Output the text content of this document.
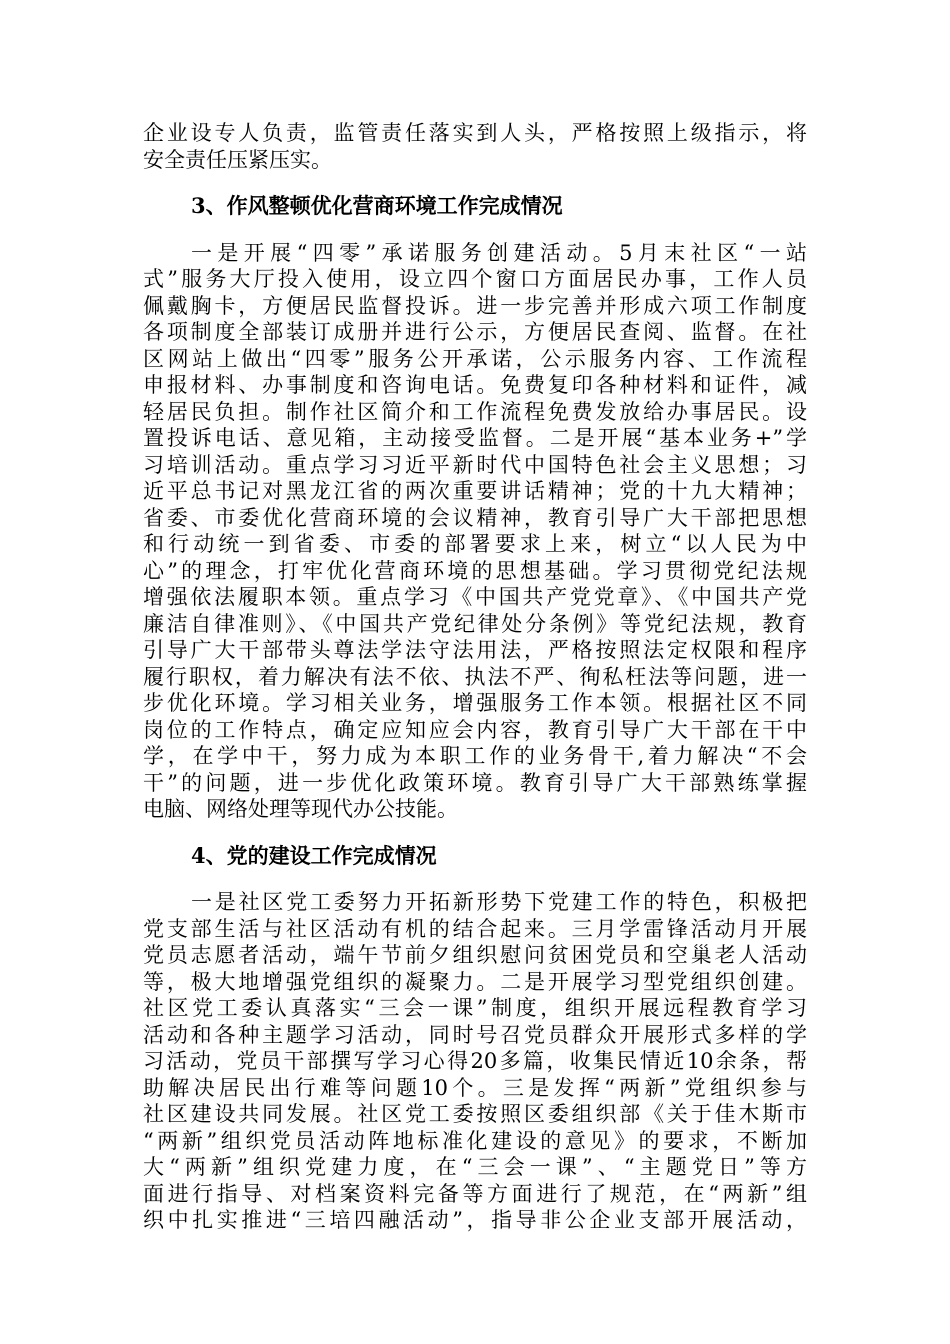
企业设专人负责，监管责任落实到人头，严格按照上级指示，将
安全责任压紧压实。
3、作风整顿优化营商环境工作完成情况
一是开展“四零”承诺服务创建活动。5月末社区“一站
式”服务大厅投入使用，设立四个窗口方面居民办事，工作人员
佩戴胸卡，方便居民监督投诉。进一步完善并形成六项工作制度
各项制度全部装订成册并进行公示，方便居民查阅、监督。在社
区网站上做出“四零”服务公开承诺，公示服务内容、工作流程
申报材料、办事制度和咨询电话。免费复印各种材料和证件，减
轻居民负担。制作社区简介和工作流程免费发放给办事居民。设
置投诉电话、意见箱，主动接受监督。二是开展“基本业务+”学
习培训活动。重点学习习近平新时代中国特色社会主义思想；习
近平总书记对黑龙江省的两次重要讲话精神；党的十九大精神；
省委、市委优化营商环境的会议精神，教育引导广大干部把思想
和行动统一到省委、市委的部署要求上来，树立“以人民为中
心”的理念，打牢优化营商环境的思想基础。学习贯彻党纪法规
增强依法履职本领。重点学习《中国共产党党章》、《中国共产党
廉洁自律准则》、《中国共产党纪律处分条例》等党纪法规，教育
引导广大干部带头尊法学法守法用法，严格按照法定权限和程序
履行职权，着力解决有法不依、执法不严、徇私枉法等问题，进一
步优化环境。学习相关业务，增强服务工作本领。根据社区不同
岗位的工作特点，确定应知应会内容，教育引导广大干部在干中
学，在学中干，努力成为本职工作的业务骨干,着力解决“不会
干”的问题，进一步优化政策环境。教育引导广大干部熟练掌握
电脑、网络处理等现代办公技能。
4、党的建设工作完成情况
一是社区党工委努力开拓新形势下党建工作的特色，积极把
党支部生活与社区活动有机的结合起来。三月学雷锋活动月开展
党员志愿者活动，端午节前夕组织慰问贫困党员和空巢老人活动
等，极大地增强党组织的凝聚力。二是开展学习型党组织创建。
社区党工委认真落实“三会一课”制度，组织开展远程教育学习
活动和各种主题学习活动，同时号召党员群众开展形式多样的学
习活动，党员干部撰写学习心得20多篇，收集民情近10余条，帮
助解决居民出行难等问题10个。三是发挥“两新”党组织参与
社区建设共同发展。社区党工委按照区委组织部《关于佳木斯市
“两新”组织党员活动阵地标准化建设的意见》的要求，不断加
大“两新”组织党建力度，在“三会一课”、“主题党日”等方
面进行指导、对档案资料完备等方面进行了规范，在“两新”组
织中扎实推进“三培四融活动”，指导非公企业支部开展活动，
